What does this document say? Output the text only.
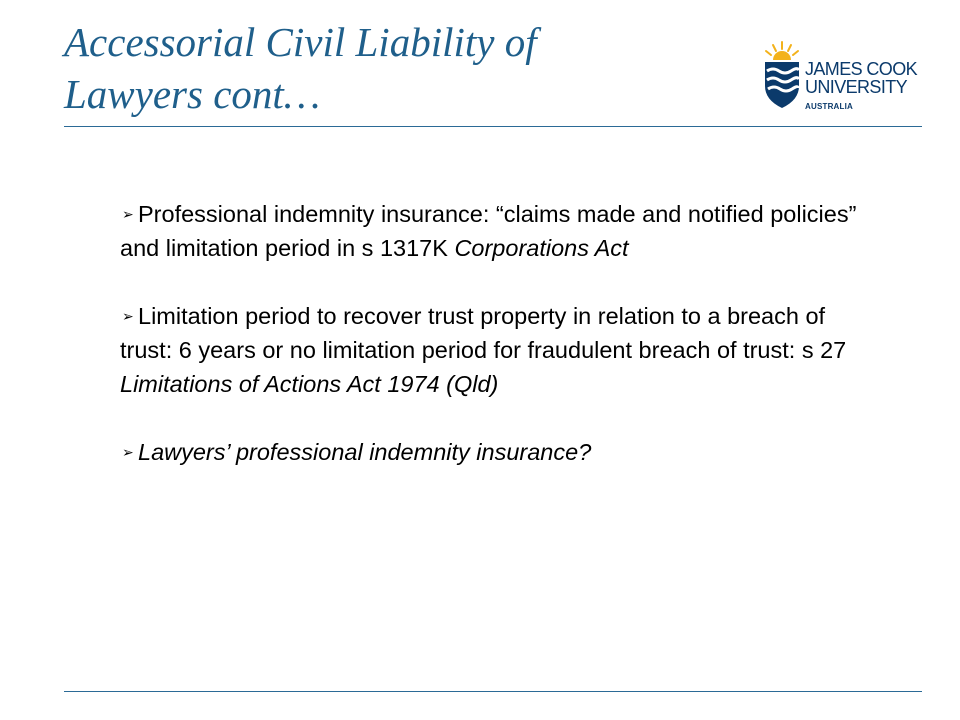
Accessorial Civil Liability of
Lawyers cont…
JAMES COOK
UNIVERSITY
AUSTRALIA

➢ Professional indemnity insurance: “claims made and notified policies” and limitation period in s 1317K Corporations Act

➢ Limitation period to recover trust property in relation to a breach of trust: 6 years or no limitation period for fraudulent breach of trust: s 27 Limitations of Actions Act 1974 (Qld)

➢ Lawyers’ professional indemnity insurance?
